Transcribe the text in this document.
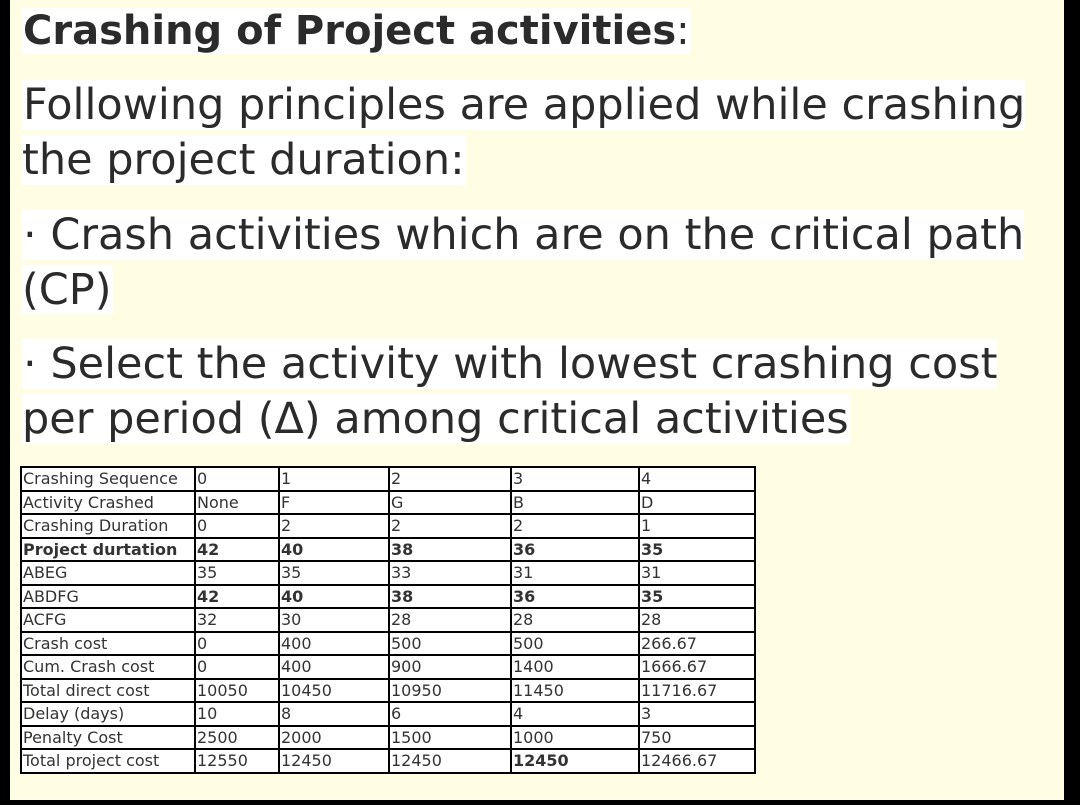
Crashing of Project activities:

Following principles are applied while crashing the project duration:

· Crash activities which are on the critical path (CP)

· Select the activity with lowest crashing cost per period (Δ) among critical activities

Crashing Sequence	0	1	2	3	4
Activity Crashed	None	F	G	B	D
Crashing Duration	0	2	2	2	1
Project durtation	42	40	38	36	35
ABEG	35	35	33	31	31
ABDFG	42	40	38	36	35
ACFG	32	30	28	28	28
Crash cost	0	400	500	500	266.67
Cum. Crash cost	0	400	900	1400	1666.67
Total direct cost	10050	10450	10950	11450	11716.67
Delay (days)	10	8	6	4	3
Penalty Cost	2500	2000	1500	1000	750
Total project cost	12550	12450	12450	12450	12466.67
